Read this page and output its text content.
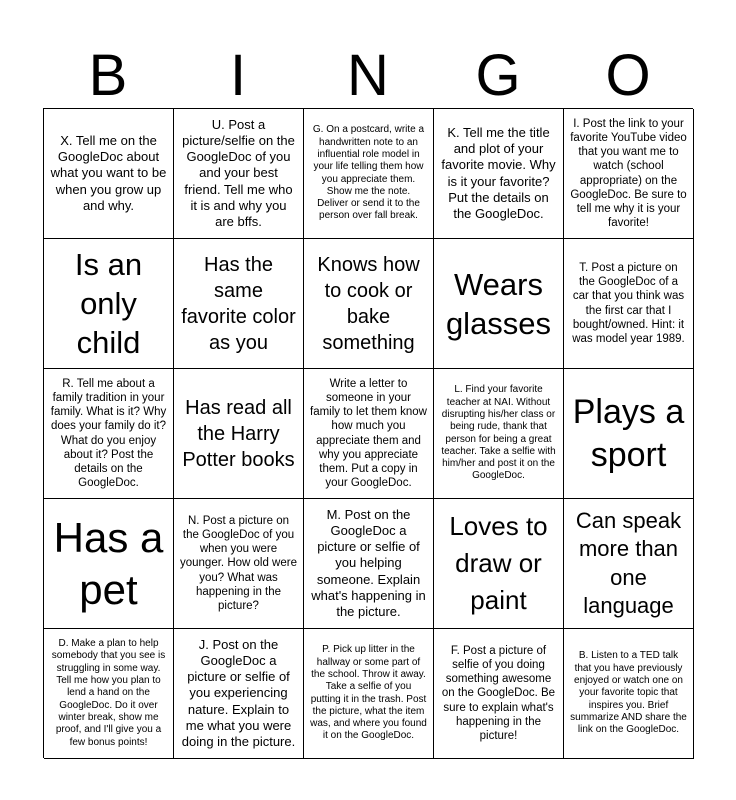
B	I	N	G	O
X. Tell me on the GoogleDoc about what you want to be when you grow up and why.
U. Post a picture/selfie on the GoogleDoc of you and your best friend. Tell me who it is and why you are bffs.
G. On a postcard, write a handwritten note to an influential role model in your life telling them how you appreciate them. Show me the note. Deliver or send it to the person over fall break.
K. Tell me the title and plot of your favorite movie. Why is it your favorite? Put the details on the GoogleDoc.
I. Post the link to your favorite YouTube video that you want me to watch (school appropriate) on the GoogleDoc. Be sure to tell me why it is your favorite!
Is an only child
Has the same favorite color as you
Knows how to cook or bake something
Wears glasses
T. Post a picture on the GoogleDoc of a car that you think was the first car that I bought/owned. Hint: it was model year 1989.
R. Tell me about a family tradition in your family. What is it? Why does your family do it? What do you enjoy about it? Post the details on the GoogleDoc.
Has read all the Harry Potter books
Write a letter to someone in your family to let them know how much you appreciate them and why you appreciate them. Put a copy in your GoogleDoc.
L. Find your favorite teacher at NAI. Without disrupting his/her class or being rude, thank that person for being a great teacher. Take a selfie with him/her and post it on the GoogleDoc.
Plays a sport
Has a pet
N. Post a picture on the GoogleDoc of you when you were younger. How old were you? What was happening in the picture?
M. Post on the GoogleDoc a picture or selfie of you helping someone. Explain what's happening in the picture.
Loves to draw or paint
Can speak more than one language
D. Make a plan to help somebody that you see is struggling in some way. Tell me how you plan to lend a hand on the GoogleDoc. Do it over winter break, show me proof, and I'll give you a few bonus points!
J. Post on the GoogleDoc a picture or selfie of you experiencing nature. Explain to me what you were doing in the picture.
P. Pick up litter in the hallway or some part of the school. Throw it away. Take a selfie of you putting it in the trash. Post the picture, what the item was, and where you found it on the GoogleDoc.
F. Post a picture of selfie of you doing something awesome on the GoogleDoc. Be sure to explain what's happening in the picture!
B. Listen to a TED talk that you have previously enjoyed or watch one on your favorite topic that inspires you. Brief summarize AND share the link on the GoogleDoc.
